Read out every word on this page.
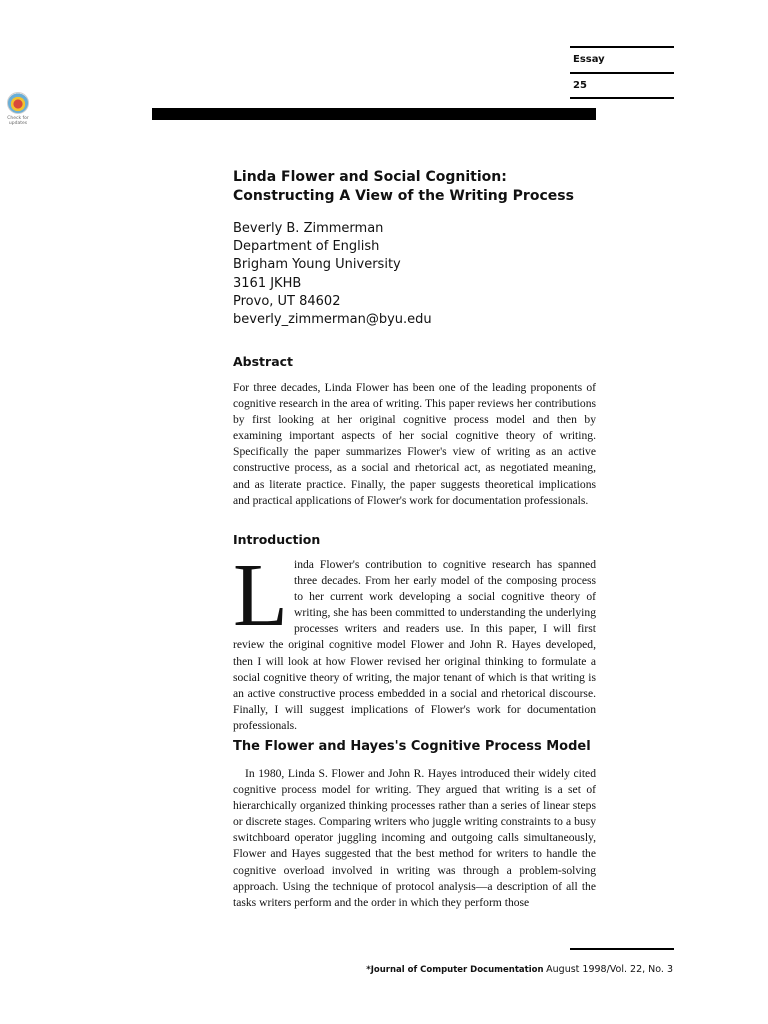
Check for updates
Essay
25
Linda Flower and Social Cognition:
Constructing A View of the Writing Process
Beverly B. Zimmerman
Department of English
Brigham Young University
3161 JKHB
Provo, UT 84602
beverly_zimmerman@byu.edu
Abstract

For three decades, Linda Flower has been one of the leading proponents of cognitive research in the area of writing. This paper reviews her contributions by first looking at her original cognitive process model and then by examining important aspects of her social cognitive theory of writing. Specifically the paper summarizes Flower's view of writing as an active constructive process, as a social and rhetorical act, as negotiated meaning, and as literate practice. Finally, the paper suggests theoretical implications and practical applications of Flower's work for documentation professionals.

Introduction

Linda Flower's contribution to cognitive research has spanned three decades. From her early model of the composing process to her current work developing a social cognitive theory of writing, she has been committed to understanding the underlying processes writers and readers use. In this paper, I will first review the original cognitive model Flower and John R. Hayes developed, then I will look at how Flower revised her original thinking to formulate a social cognitive theory of writing, the major tenant of which is that writing is an active constructive process embedded in a social and rhetorical discourse. Finally, I will suggest implications of Flower's work for documentation professionals.

The Flower and Hayes's Cognitive Process Model

In 1980, Linda S. Flower and John R. Hayes introduced their widely cited cognitive process model for writing. They argued that writing is a set of hierarchically organized thinking processes rather than a series of linear steps or discrete stages. Comparing writers who juggle writing constraints to a busy switchboard operator juggling incoming and outgoing calls simultaneously, Flower and Hayes suggested that the best method for writers to handle the cognitive overload involved in writing was through a problem-solving approach. Using the technique of protocol analysis—a description of all the tasks writers perform and the order in which they perform those

*Journal of Computer Documentation August 1998/Vol. 22, No. 3
